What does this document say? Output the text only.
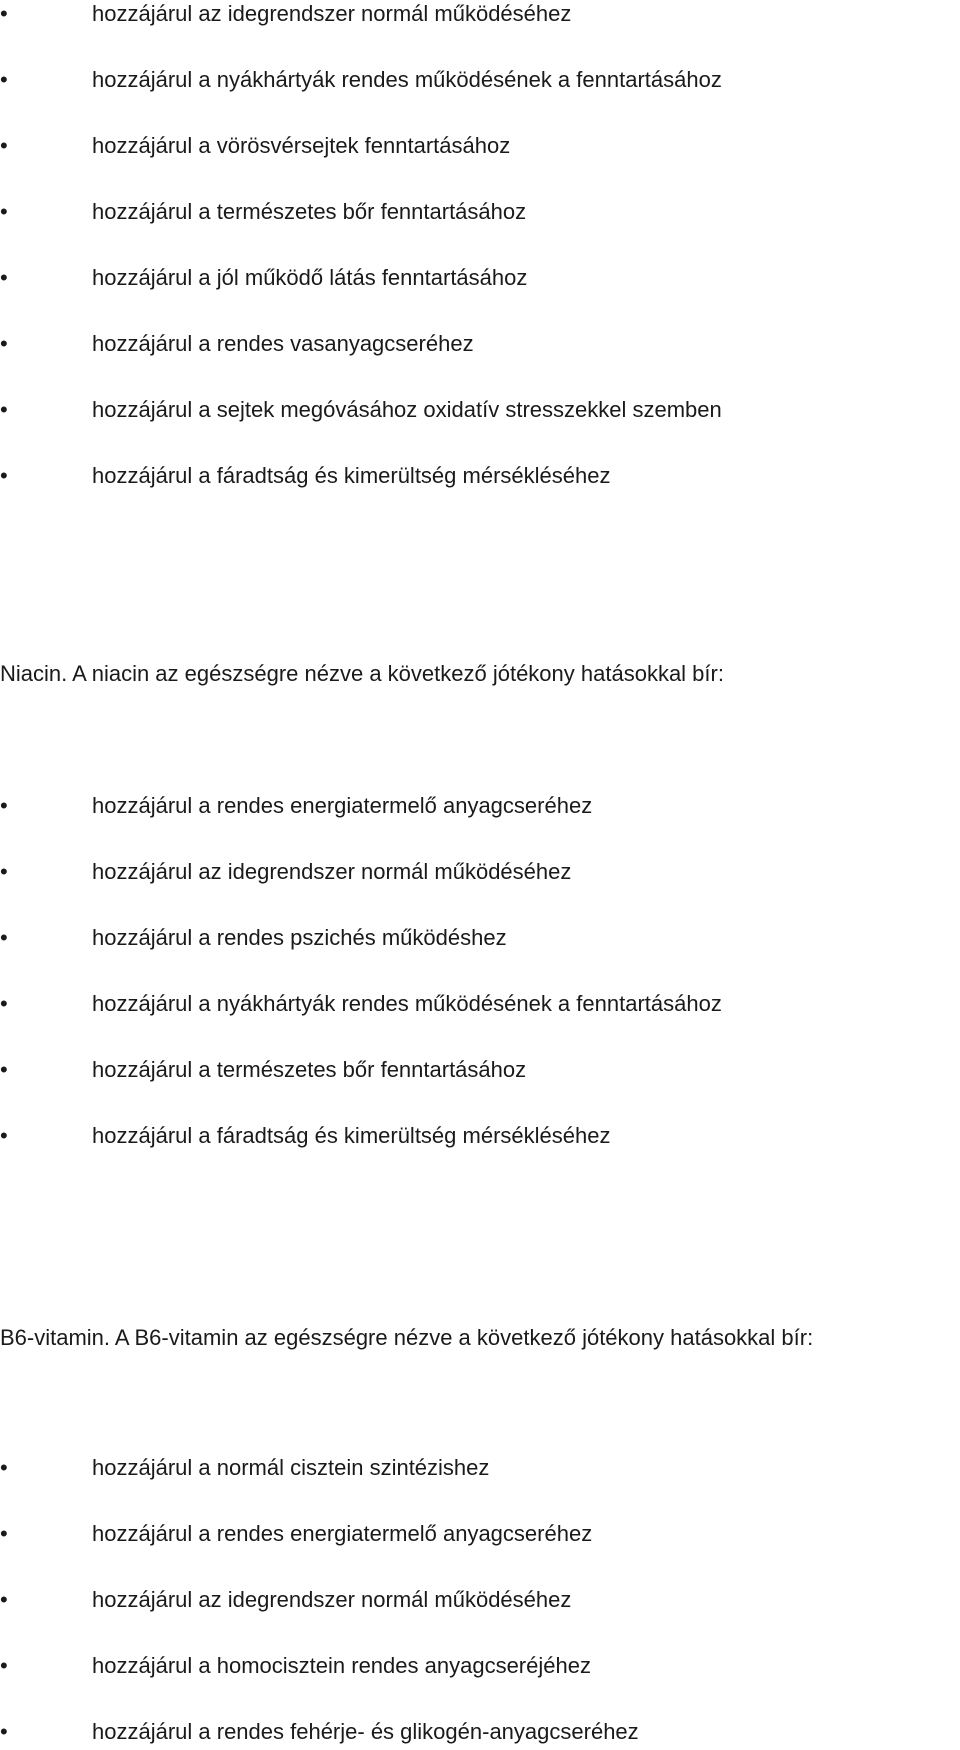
•	hozzájárul az idegrendszer normál működéséhez
•	hozzájárul a nyákhártyák rendes működésének a fenntartásához
•	hozzájárul a vörösvérsejtek fenntartásához
•	hozzájárul a természetes bőr fenntartásához
•	hozzájárul a jól működő látás fenntartásához
•	hozzájárul a rendes vasanyagcseréhez
•	hozzájárul a sejtek megóvásához oxidatív stresszekkel szemben
•	hozzájárul a fáradtság és kimerültség mérsékléséhez
Niacin. A niacin az egészségre nézve a következő jótékony hatásokkal bír:
•	hozzájárul a rendes energiatermelő anyagcseréhez
•	hozzájárul az idegrendszer normál működéséhez
•	hozzájárul a rendes pszichés működéshez
•	hozzájárul a nyákhártyák rendes működésének a fenntartásához
•	hozzájárul a természetes bőr fenntartásához
•	hozzájárul a fáradtság és kimerültség mérsékléséhez
B6-vitamin. A B6-vitamin az egészségre nézve a következő jótékony hatásokkal bír:
•	hozzájárul a normál cisztein szintézishez
•	hozzájárul a rendes energiatermelő anyagcseréhez
•	hozzájárul az idegrendszer normál működéséhez
•	hozzájárul a homocisztein rendes anyagcseréjéhez
•	hozzájárul a rendes fehérje- és glikogén-anyagcseréhez
